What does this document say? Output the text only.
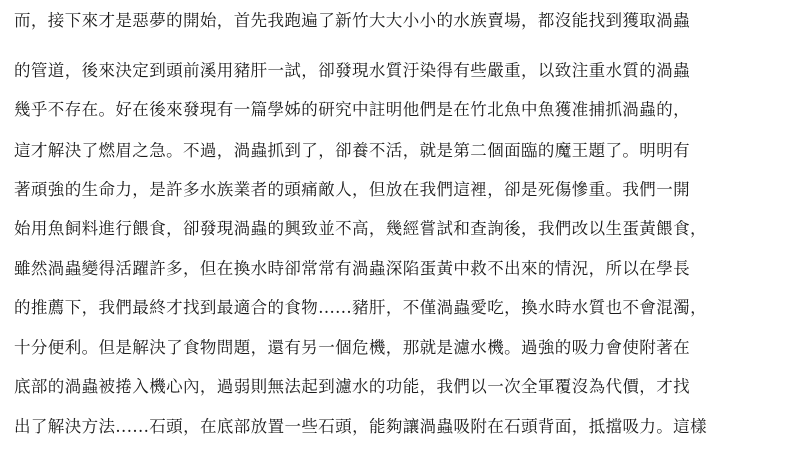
而，接下來才是惡夢的開始，首先我跑遍了新竹大大小小的水族賣場，都沒能找到獲取渦蟲
的管道，後來決定到頭前溪用豬肝一試，卻發現水質汙染得有些嚴重，以致注重水質的渦蟲
幾乎不存在。好在後來發現有一篇學姊的研究中註明他們是在竹北魚中魚獲准捕抓渦蟲的，
這才解決了燃眉之急。不過，渦蟲抓到了，卻養不活，就是第二個面臨的魔王題了。明明有
著頑強的生命力，是許多水族業者的頭痛敵人，但放在我們這裡，卻是死傷慘重。我們一開
始用魚飼料進行餵食，卻發現渦蟲的興致並不高，幾經嘗試和查詢後，我們改以生蛋黃餵食，
雖然渦蟲變得活躍許多，但在換水時卻常常有渦蟲深陷蛋黃中救不出來的情況，所以在學長
的推薦下，我們最終才找到最適合的食物......豬肝，不僅渦蟲愛吃，換水時水質也不會混濁，
十分便利。但是解決了食物問題，還有另一個危機，那就是濾水機。過強的吸力會使附著在
底部的渦蟲被捲入機心內，過弱則無法起到濾水的功能，我們以一次全軍覆沒為代價，才找
出了解決方法......石頭，在底部放置一些石頭，能夠讓渦蟲吸附在石頭背面，抵擋吸力。這樣
